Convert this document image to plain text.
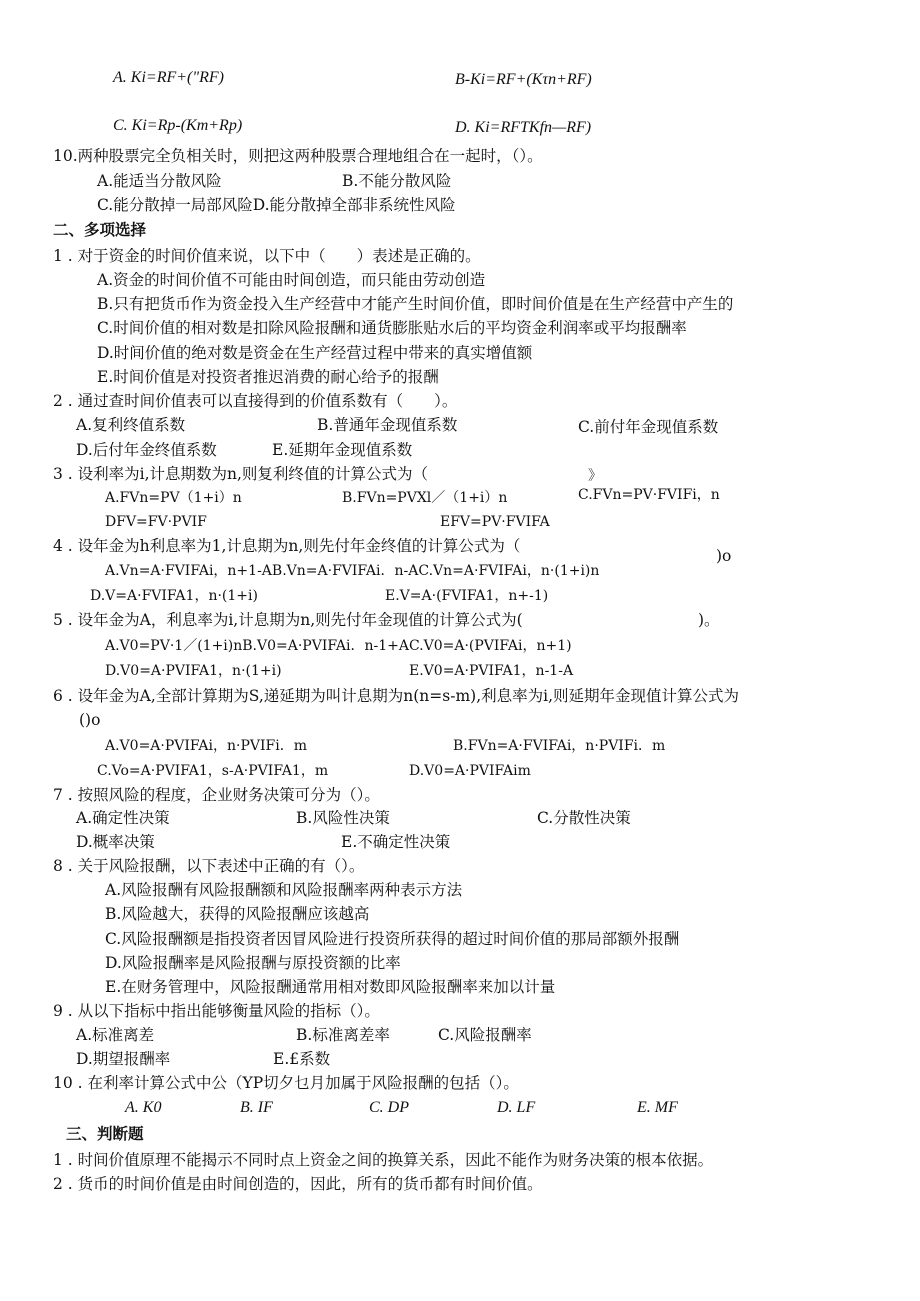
A. Ki=RF+("RF)	B-Ki=RF+(Kτn+RF)
C. Ki=Rp-(Km+Rp)	D. Ki=RFTKfn—RF)
10.两种股票完全负相关时，则把这两种股票合理地组合在一起时，（）。
A.能适当分散风险	B.不能分散风险
C.能分散掉一局部风险D.能分散掉全部非系统性风险
二、多项选择
1 . 对于资金的时间价值来说，以下中（　　）表述是正确的。
A.资金的时间价值不可能由时间创造，而只能由劳动创造
B.只有把货币作为资金投入生产经营中才能产生时间价值，即时间价值是在生产经营中产生的
C.时间价值的相对数是扣除风险报酬和通货膨胀贴水后的平均资金利润率或平均报酬率
D.时间价值的绝对数是资金在生产经营过程中带来的真实增值额
E.时间价值是对投资者推迟消费的耐心给予的报酬
2 . 通过查时间价值表可以直接得到的价值系数有（　　）。
A.复利终值系数	B.普通年金现值系数	C.前付年金现值系数
D.后付年金终值系数	E.延期年金现值系数
3 . 设利率为i,计息期数为n,则复利终值的计算公式为（	》
A.FVn=PV（1+i）n	B.FVn=PVXl／（1+i）n	C.FVn=PV·FVIFi，n
DFV=FV·PVIF	EFV=PV·FVIFA
4 . 设年金为h利息率为1,计息期为n,则先付年金终值的计算公式为（
)o
A.Vn=A·FVIFAi，n+1-AB.Vn=A·FVIFAi．n-AC.Vn=A·FVIFAi，n·(1+i)n
D.V=A·FVIFA1，n·(1+i)	E.V=A·(FVIFA1，n+-1)
5 . 设年金为A，利息率为i,计息期为n,则先付年金现值的计算公式为(	)。
A.V0=PV·1／(1+i)nB.V0=A·PVIFAi．n-1+AC.V0=A·(PVIFAi，n+1)
D.V0=A·PVIFA1，n·(1+i)	E.V0=A·PVIFA1，n-1-A
6 . 设年金为A,全部计算期为S,递延期为叫计息期为n(n=s-m),利息率为i,则延期年金现值计算公式为
()o
A.V0=A·PVIFAi，n·PVIFi．m	B.FVn=A·FVIFAi，n·PVIFi．m
C.Vo=A·PVIFA1，s-A·PVIFA1，m	D.V0=A·PVIFAim
7 . 按照风险的程度，企业财务决策可分为（）。
A.确定性决策	B.风险性决策	C.分散性决策
D.概率决策	E.不确定性决策
8 . 关于风险报酬，以下表述中正确的有（）。
A.风险报酬有风险报酬额和风险报酬率两种表示方法
B.风险越大，获得的风险报酬应该越高
C.风险报酬额是指投资者因冒风险进行投资所获得的超过时间价值的那局部额外报酬
D.风险报酬率是风险报酬与原投资额的比率
E.在财务管理中，风险报酬通常用相对数即风险报酬率来加以计量
9 . 从以下指标中指出能够衡量风险的指标（）。
A.标准离差	B.标准离差率	C.风险报酬率
D.期望报酬率	E.£系数
10 . 在利率计算公式中公（YP切夕乜月加属于风险报酬的包括（）。
A. K0	B. IF	C. DP	D. LF	E. MF
三、判断题
1 . 时间价值原理不能揭示不同时点上资金之间的换算关系，因此不能作为财务决策的根本依据。
2 . 货币的时间价值是由时间创造的，因此，所有的货币都有时间价值。
